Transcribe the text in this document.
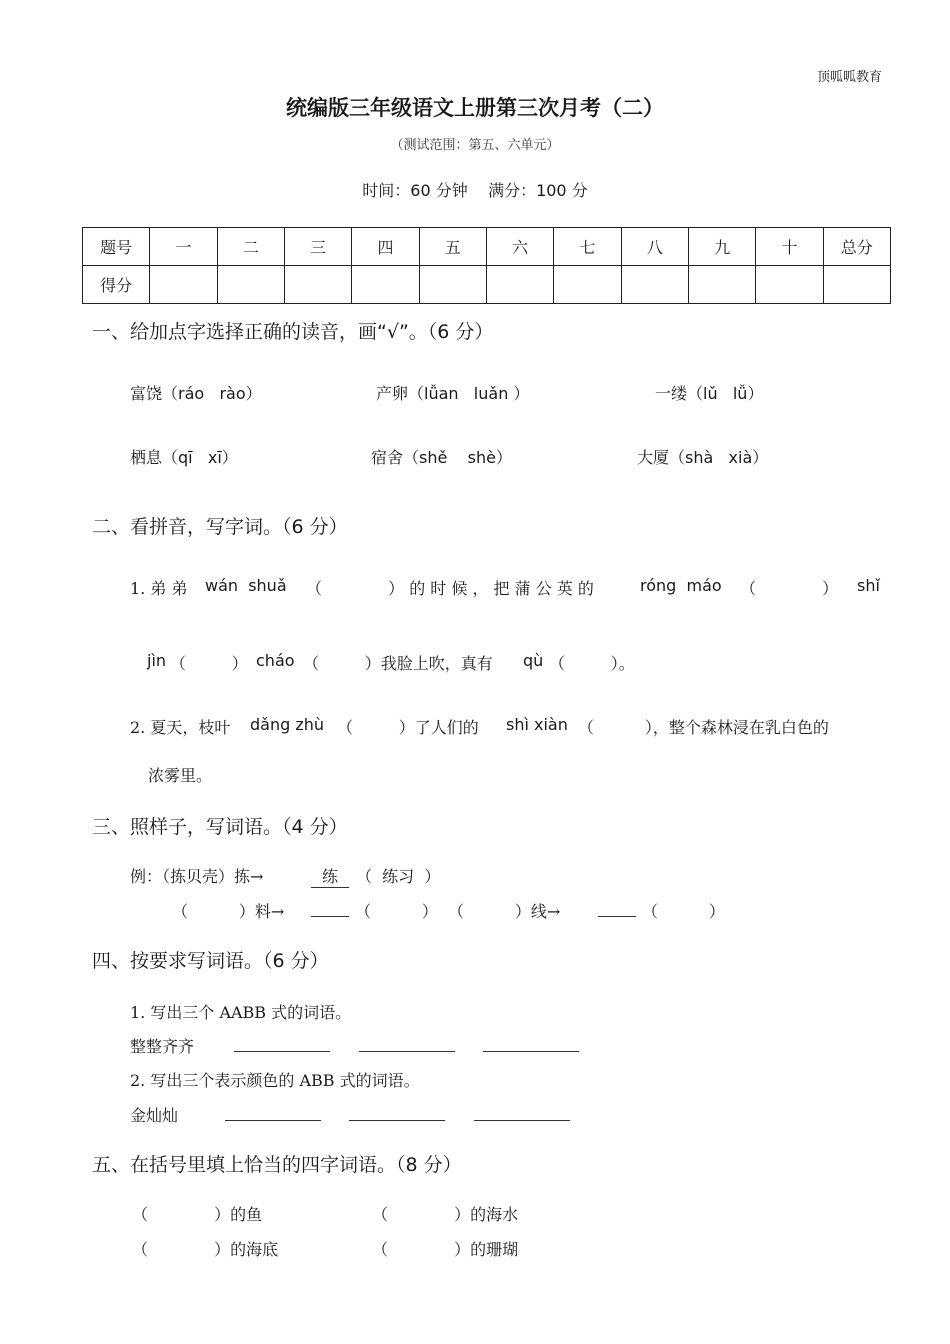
顶呱呱教育
统编版三年级语文上册第三次月考（二）
（测试范围：第五、六单元）
时间：60 分钟    满分：100 分
题号	一	二	三	四	五	六	七	八	九	十	总分
得分											
一、给加点字选择正确的读音，画“√”。（6 分）
富饶（ráo   rào）	产卵（lǚan   luǎn ）	一缕（lǔ   lǚ）
栖息（qī   xī）	宿舍（shě    shè）	大厦（shà   xià）
二、看拼音，写字词。（6 分）
1. 弟 弟 wán  shuǎ （             ） 的 时 候 ， 把 蒲 公 英 的	róng  máo （             ） shǐ
jìn （         ） cháo （         ）我脸上吹，真有 qù （         ）。
2. 夏天，枝叶 dǎng zhù （         ）了人们的 shì xiàn （          ），整个森林浸在乳白色的
浓雾里。
三、照样子，写词语。（4 分）
例：（拣贝壳）拣→	练	（  练习  ）
（          ）料→	（          ）  （          ）线→	（          ）
四、按要求写词语。（6 分）
1. 写出三个 AABB 式的词语。
整整齐齐
2. 写出三个表示颜色的 ABB 式的词语。
金灿灿
五、在括号里填上恰当的四字词语。（8 分）
（             ）的鱼	（             ）的海水
（             ）的海底	（             ）的珊瑚
